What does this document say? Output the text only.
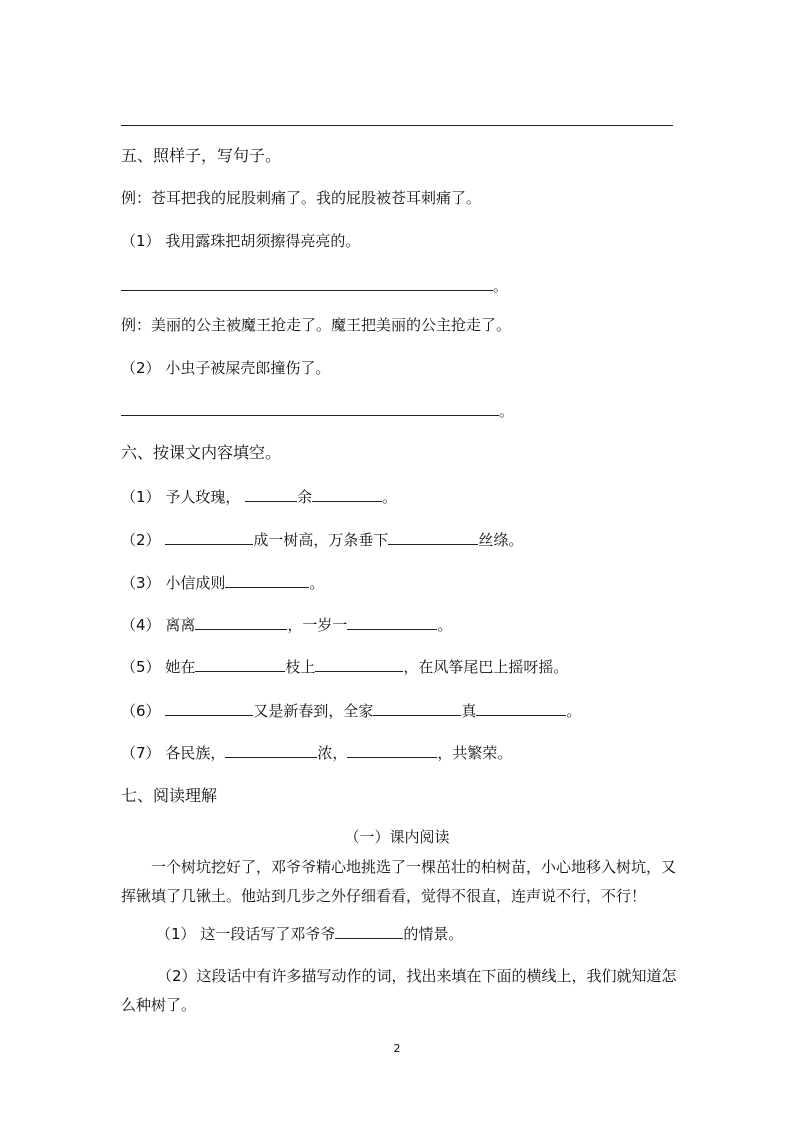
五、照样子，写句子。
例：苍耳把我的屁股刺痛了。我的屁股被苍耳刺痛了。
（1） 我用露珠把胡须擦得亮亮的。
。
例：美丽的公主被魔王抢走了。魔王把美丽的公主抢走了。
（2） 小虫子被屎壳郎撞伤了。
。
六、按课文内容填空。
（1） 予人玫瑰，	余	。
（2）	成一树高，万条垂下	丝绦。
（3） 小信成则	。
（4） 离离	，一岁一	。
（5） 她在	枝上	，在风筝尾巴上摇呀摇。
（6）	又是新春到，全家	真	。
（7） 各民族，	浓，	，共繁荣。
七、阅读理解
（一）课内阅读
一个树坑挖好了，邓爷爷精心地挑选了一棵茁壮的柏树苗，小心地移入树坑，又挥锹填了几锹土。他站到几步之外仔细看看，觉得不很直，连声说不行，不行！
（1） 这一段话写了邓爷爷	的情景。
（2）这段话中有许多描写动作的词，找出来填在下面的横线上，我们就知道怎么种树了。
2
